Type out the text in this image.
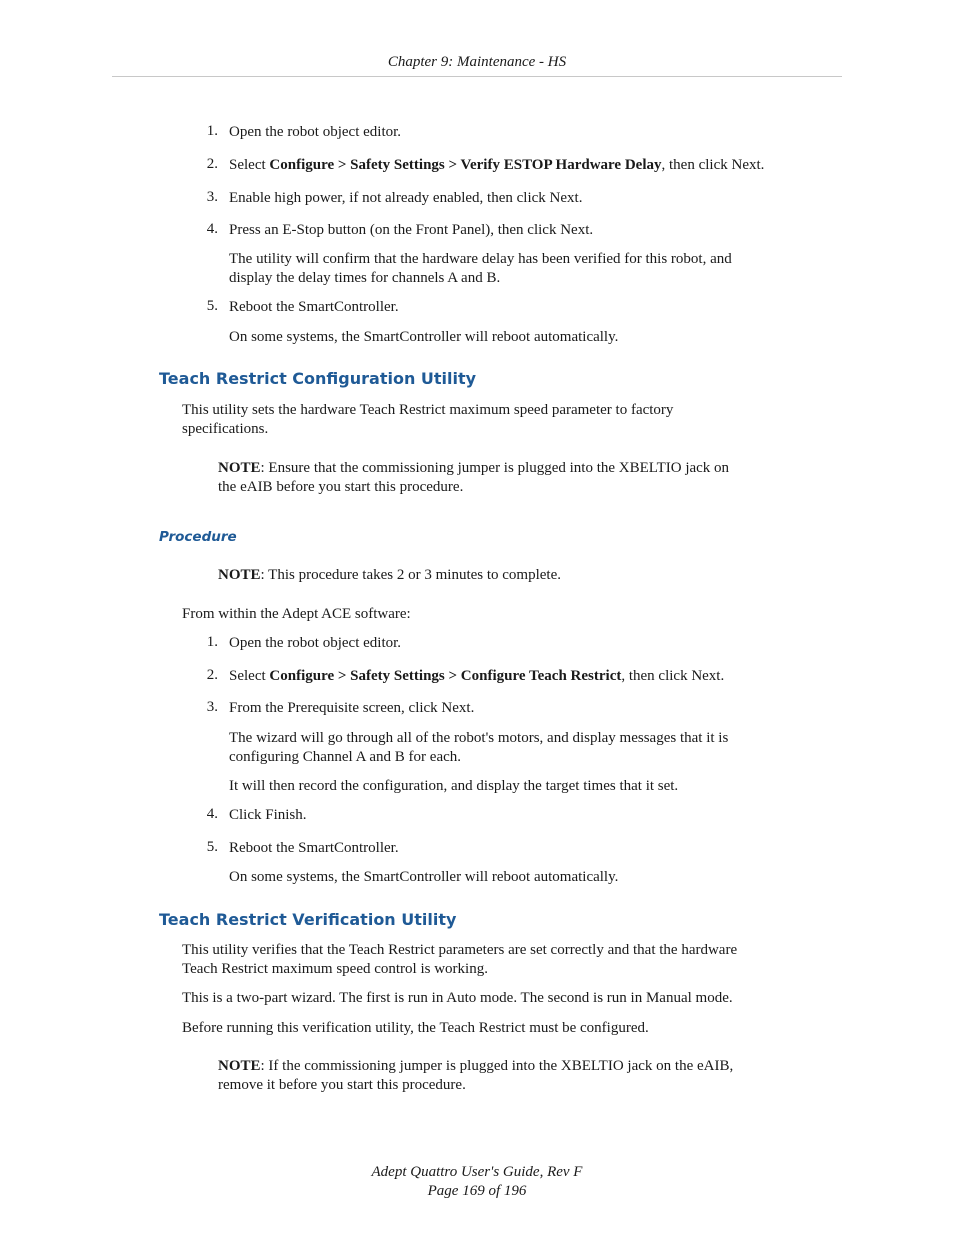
Chapter 9: Maintenance - HS
1. Open the robot object editor.
2. Select Configure > Safety Settings > Verify ESTOP Hardware Delay, then click Next.
3. Enable high power, if not already enabled, then click Next.
4. Press an E-Stop button (on the Front Panel), then click Next.
The utility will confirm that the hardware delay has been verified for this robot, and
display the delay times for channels A and B.
5. Reboot the SmartController.
On some systems, the SmartController will reboot automatically.
Teach Restrict Configuration Utility
This utility sets the hardware Teach Restrict maximum speed parameter to factory
specifications.
NOTE: Ensure that the commissioning jumper is plugged into the XBELTIO jack on
the eAIB before you start this procedure.
Procedure
NOTE: This procedure takes 2 or 3 minutes to complete.
From within the Adept ACE software:
1. Open the robot object editor.
2. Select Configure > Safety Settings > Configure Teach Restrict, then click Next.
3. From the Prerequisite screen, click Next.
The wizard will go through all of the robot's motors, and display messages that it is
configuring Channel A and B for each.
It will then record the configuration, and display the target times that it set.
4. Click Finish.
5. Reboot the SmartController.
On some systems, the SmartController will reboot automatically.
Teach Restrict Verification Utility
This utility verifies that the Teach Restrict parameters are set correctly and that the hardware
Teach Restrict maximum speed control is working.
This is a two-part wizard. The first is run in Auto mode. The second is run in Manual mode.
Before running this verification utility, the Teach Restrict must be configured.
NOTE: If the commissioning jumper is plugged into the XBELTIO jack on the eAIB,
remove it before you start this procedure.
Adept Quattro User's Guide, Rev F
Page 169 of 196
